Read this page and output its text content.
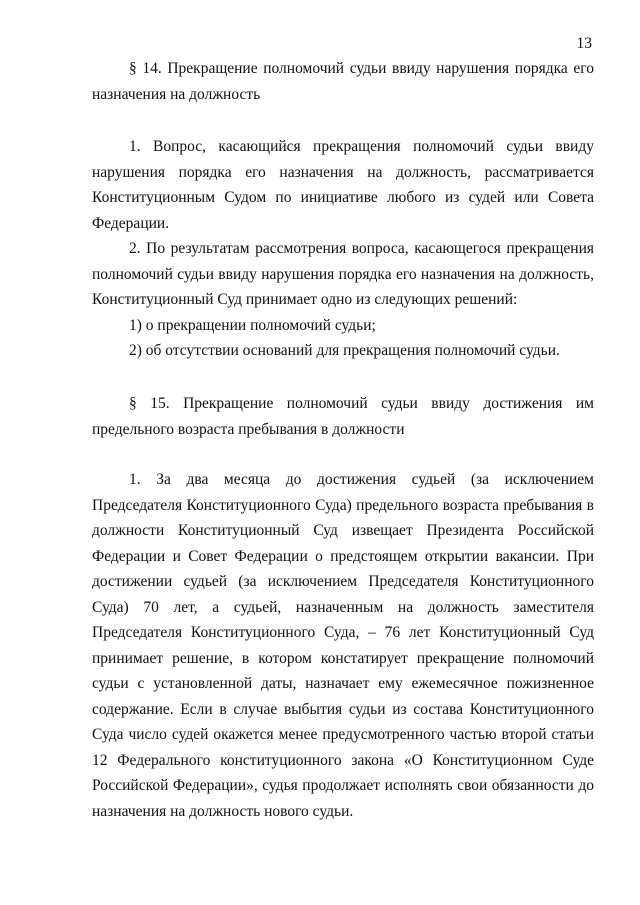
13

§ 14. Прекращение полномочий судьи ввиду нарушения порядка его назначения на должность

1. Вопрос, касающийся прекращения полномочий судьи ввиду нарушения порядка его назначения на должность, рассматривается Конституционным Судом по инициативе любого из судей или Совета Федерации.

2. По результатам рассмотрения вопроса, касающегося прекращения полномочий судьи ввиду нарушения порядка его назначения на должность, Конституционный Суд принимает одно из следующих решений:

1) о прекращении полномочий судьи;

2) об отсутствии оснований для прекращения полномочий судьи.

§ 15. Прекращение полномочий судьи ввиду достижения им предельного возраста пребывания в должности

1. За два месяца до достижения судьей (за исключением Председателя Конституционного Суда) предельного возраста пребывания в должности Конституционный Суд извещает Президента Российской Федерации и Совет Федерации о предстоящем открытии вакансии. При достижении судьей (за исключением Председателя Конституционного Суда) 70 лет, а судьей, назначенным на должность заместителя Председателя Конституционного Суда, – 76 лет Конституционный Суд принимает решение, в котором констатирует прекращение полномочий судьи с установленной даты, назначает ему ежемесячное пожизненное содержание. Если в случае выбытия судьи из состава Конституционного Суда число судей окажется менее предусмотренного частью второй статьи 12 Федерального конституционного закона «О Конституционном Суде Российской Федерации», судья продолжает исполнять свои обязанности до назначения на должность нового судьи.
